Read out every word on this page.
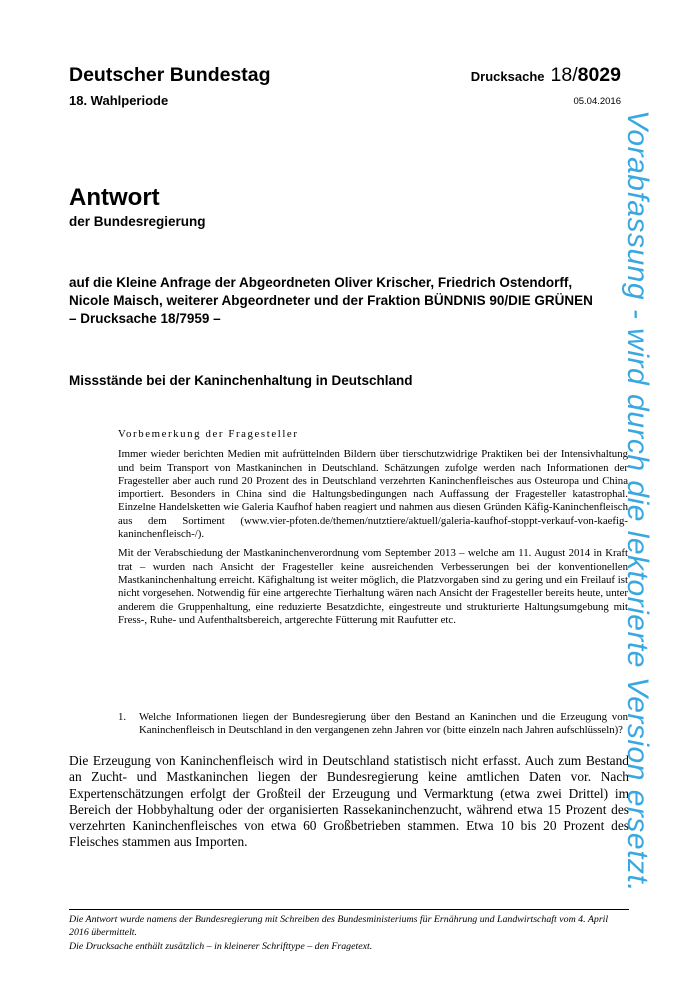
Deutscher Bundestag
18. Wahlperiode
Drucksache 18/8029
05.04.2016
Antwort
der Bundesregierung
auf die Kleine Anfrage der Abgeordneten Oliver Krischer, Friedrich Ostendorff,
Nicole Maisch, weiterer Abgeordneter und der Fraktion BÜNDNIS 90/DIE GRÜNEN
– Drucksache 18/7959 –
Missstände bei der Kaninchenhaltung in Deutschland
Vorbemerkung der Fragesteller

Immer wieder berichten Medien mit aufrüttelnden Bildern über tierschutzwidrige Praktiken bei der Intensivhaltung und beim Transport von Mastkaninchen in Deutschland. Schätzungen zufolge werden nach Informationen der Fragesteller aber auch rund 20 Prozent des in Deutschland verzehrten Kaninchenfleisches aus Osteuropa und China importiert. Besonders in China sind die Haltungsbedingungen nach Auffassung der Fragesteller katastrophal. Einzelne Handelsketten wie Galeria Kaufhof haben reagiert und nahmen aus diesen Gründen Käfig-Kaninchenfleisch aus dem Sortiment (www.vier-pfoten.de/themen/nutztiere/aktuell/galeria-kaufhof-stoppt-verkauf-von-kaefig-kaninchenfleisch-/).

Mit der Verabschiedung der Mastkaninchenverordnung vom September 2013 – welche am 11. August 2014 in Kraft trat – wurden nach Ansicht der Fragesteller keine ausreichenden Verbesserungen bei der konventionellen Mastkaninchenhaltung erreicht. Käfighaltung ist weiter möglich, die Platzvorgaben sind zu gering und ein Freilauf ist nicht vorgesehen. Notwendig für eine artgerechte Tierhaltung wären nach Ansicht der Fragesteller bereits heute, unter anderem die Gruppenhaltung, eine reduzierte Besatzdichte, eingestreute und strukturierte Haltungsumgebung mit Fress-, Ruhe- und Aufenthaltsbereich, artgerechte Fütterung mit Raufutter etc.

1. Welche Informationen liegen der Bundesregierung über den Bestand an Kaninchen und die Erzeugung von Kaninchenfleisch in Deutschland in den vergangenen zehn Jahren vor (bitte einzeln nach Jahren aufschlüsseln)?
Die Erzeugung von Kaninchenfleisch wird in Deutschland statistisch nicht erfasst. Auch zum Bestand an Zucht- und Mastkaninchen liegen der Bundesregierung keine amtlichen Daten vor. Nach Expertenschätzungen erfolgt der Großteil der Erzeugung und Vermarktung (etwa zwei Drittel) im Bereich der Hobbyhaltung oder der organisierten Rassekaninchenzucht, während etwa 15 Prozent des verzehrten Kaninchenfleisches von etwa 60 Großbetrieben stammen. Etwa 10 bis 20 Prozent des Fleisches stammen aus Importen.

Die Antwort wurde namens der Bundesregierung mit Schreiben des Bundesministeriums für Ernährung und Landwirtschaft vom 4. April 2016 übermittelt.

Die Drucksache enthält zusätzlich – in kleinerer Schrifttype – den Fragetext.

Vorabfassung - wird durch die lektorierte Version ersetzt.
